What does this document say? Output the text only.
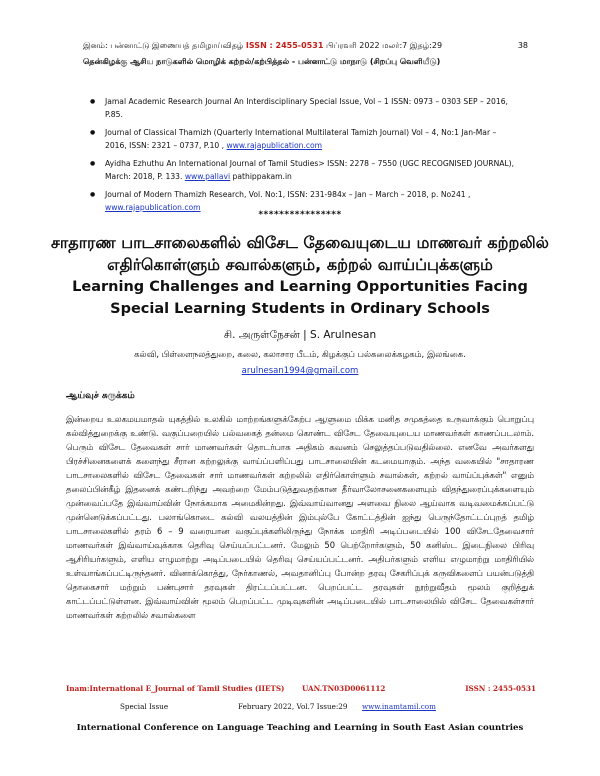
இனம்: பன்னாட்டு இணையத் தமிழாய்விதழ் ISSN : 2455-0531 பிப்ரவரி 2022 மலர்:7 இதழ்:29	38
தென்கிழக்கு ஆசிய நாடுகளில் மொழிக் கற்றல்/கற்பித்தல் - பன்னாட்டு மாநாடு (சிறப்பு வெளியீடு)
● Jamal Academic Research Journal An Interdisciplinary Special Issue, Vol – 1 ISSN: 0973 – 0303 SEP – 2016, P.85.
● Journal of Classical Thamizh (Quarterly International Multilateral Tamizh Journal) Vol – 4, No:1 Jan-Mar – 2016, ISSN: 2321 – 0737, P.10 , www.rajapublication.com
● Ayidha Ezhuthu An International Journal of Tamil Studies> ISSN: 2278 – 7550 (UGC RECOGNISED JOURNAL), March: 2018, P. 133. www.pallavi pathippakam.in
● Journal of Modern Thamizh Research, Vol. No:1, ISSN: 231-984x – Jan – March – 2018, p. No241 , www.rajapublication.com
****************
சாதாரண பாடசாலைகளில் விசேட தேவையுடைய மாணவர் கற்றலில் எதிர்கொள்ளும் சவால்களும், கற்றல் வாய்ப்புக்களும்
Learning Challenges and Learning Opportunities Facing Special Learning Students in Ordinary Schools
சி. அருள்நேசன் | S. Arulnesan
கல்வி, பிள்ளைநலத்துறை, கலை, கலாசார பீடம், கிழக்குப் பல்கலைக்கழகம், இலங்கை.
arulnesan1994@gmail.com
ஆய்வுச் சுருக்கம்
இன்றைய உலகமயமாதல் யுகத்தில் உலகில் மாற்றங்களுக்கேற்ப ஆளுமை மிக்க மனித சமுகத்தை உருவாக்கும் பொறுப்பு கல்வித்துறைக்கு உண்டு. வகுப்பறையில் பல்வகைத் தன்மை கொண்ட விசேட தேவையுடைய மாணவர்கள் காணப்படலாம். பெரும் விசேட தேவைகள் சார் மாணவர்கள் தொடர்பாக அதிகம் கவனம் செலுத்தப்படுவதில்லை. எனவே அவர்களது பிரச்சினைகளைக் களைந்து சீரான கற்றலுக்கு வாய்ப்பளிப்பது பாடசாலையின் கடமையாகும். அந்த வகையில் "சாதாரண பாடசாலைகளில் விசேட தேவைகள் சார் மாணவர்கள் கற்றலில் எதிர்கொள்ளும் சவால்கள், கற்றல் வாய்ப்புக்கள்" எனும் தலைப்பின்கீழ் இதனைக் கண்டறிந்து அவற்றை மேம்படுத்துவதற்கான தீர்வாலோசனைகளையும் விதந்துரைப்புக்களையும் முன்வைப்பதே இவ்வாய்வின் நோக்கமாக அமைகின்றது. இவ்வாய்வானது அளவை நிலை ஆய்வாக வடிவமைக்கப்பட்டு முன்னெடுக்கப்பட்டது. பலாங்கொடை கல்வி வலயத்தின் இம்புல்பே கோட்டத்தின் ஐந்து பெருந்தோட்டப்புறத் தமிழ் பாடசாலைகளில் தரம் 6 – 9 வரையான வகுப்புக்களிலிருந்து நோக்க மாதிரி அடிப்படையில் 100 விசேடதேவைசார் மாணவர்கள் இவ்வாய்வுக்காக தெரிவு செய்யப்பட்டனர். மேலும் 50 பெற்றோர்களும், 50 கனிஸ்ட இடைநிலை பிரிவு ஆசிரியர்களும், எளிய எழுமாற்று அடிப்படையில் தெரிவு செய்யப்பட்டனர். அதிபர்களும் எளிய எழுமாற்று மாதிரியில் உள்வாங்கப்பட்டிருந்தனர். வினாக்கொத்து, நேர்காணல், அவதானிப்பு போன்ற தரவு சேகரிப்புக் கருவிகளைப் பயன்படுத்தி தொகைசார் மற்றும் பண்புசார் தரவுகள் திரட்டப்பட்டன. பெறப்பட்ட தரவுகள் நூற்றுவீதம் மூலம் குறித்துக் காட்டப்பட்டுள்ளன. இவ்வாய்வின் மூலம் பெறப்பட்ட முடிவுகளின் அடிப்படையில் பாடசாலையில் விசேட தேவைகள்சார் மாணவர்கள் கற்றலில் சவால்களை
Inam:International E_Journal of Tamil Studies (IIETS) UAN.TN03D0061112	ISSN : 2455-0531
Special Issue	February 2022, Vol.7 Issue:29 www.inamtamil.com
International Conference on Language Teaching and Learning in South East Asian countries
